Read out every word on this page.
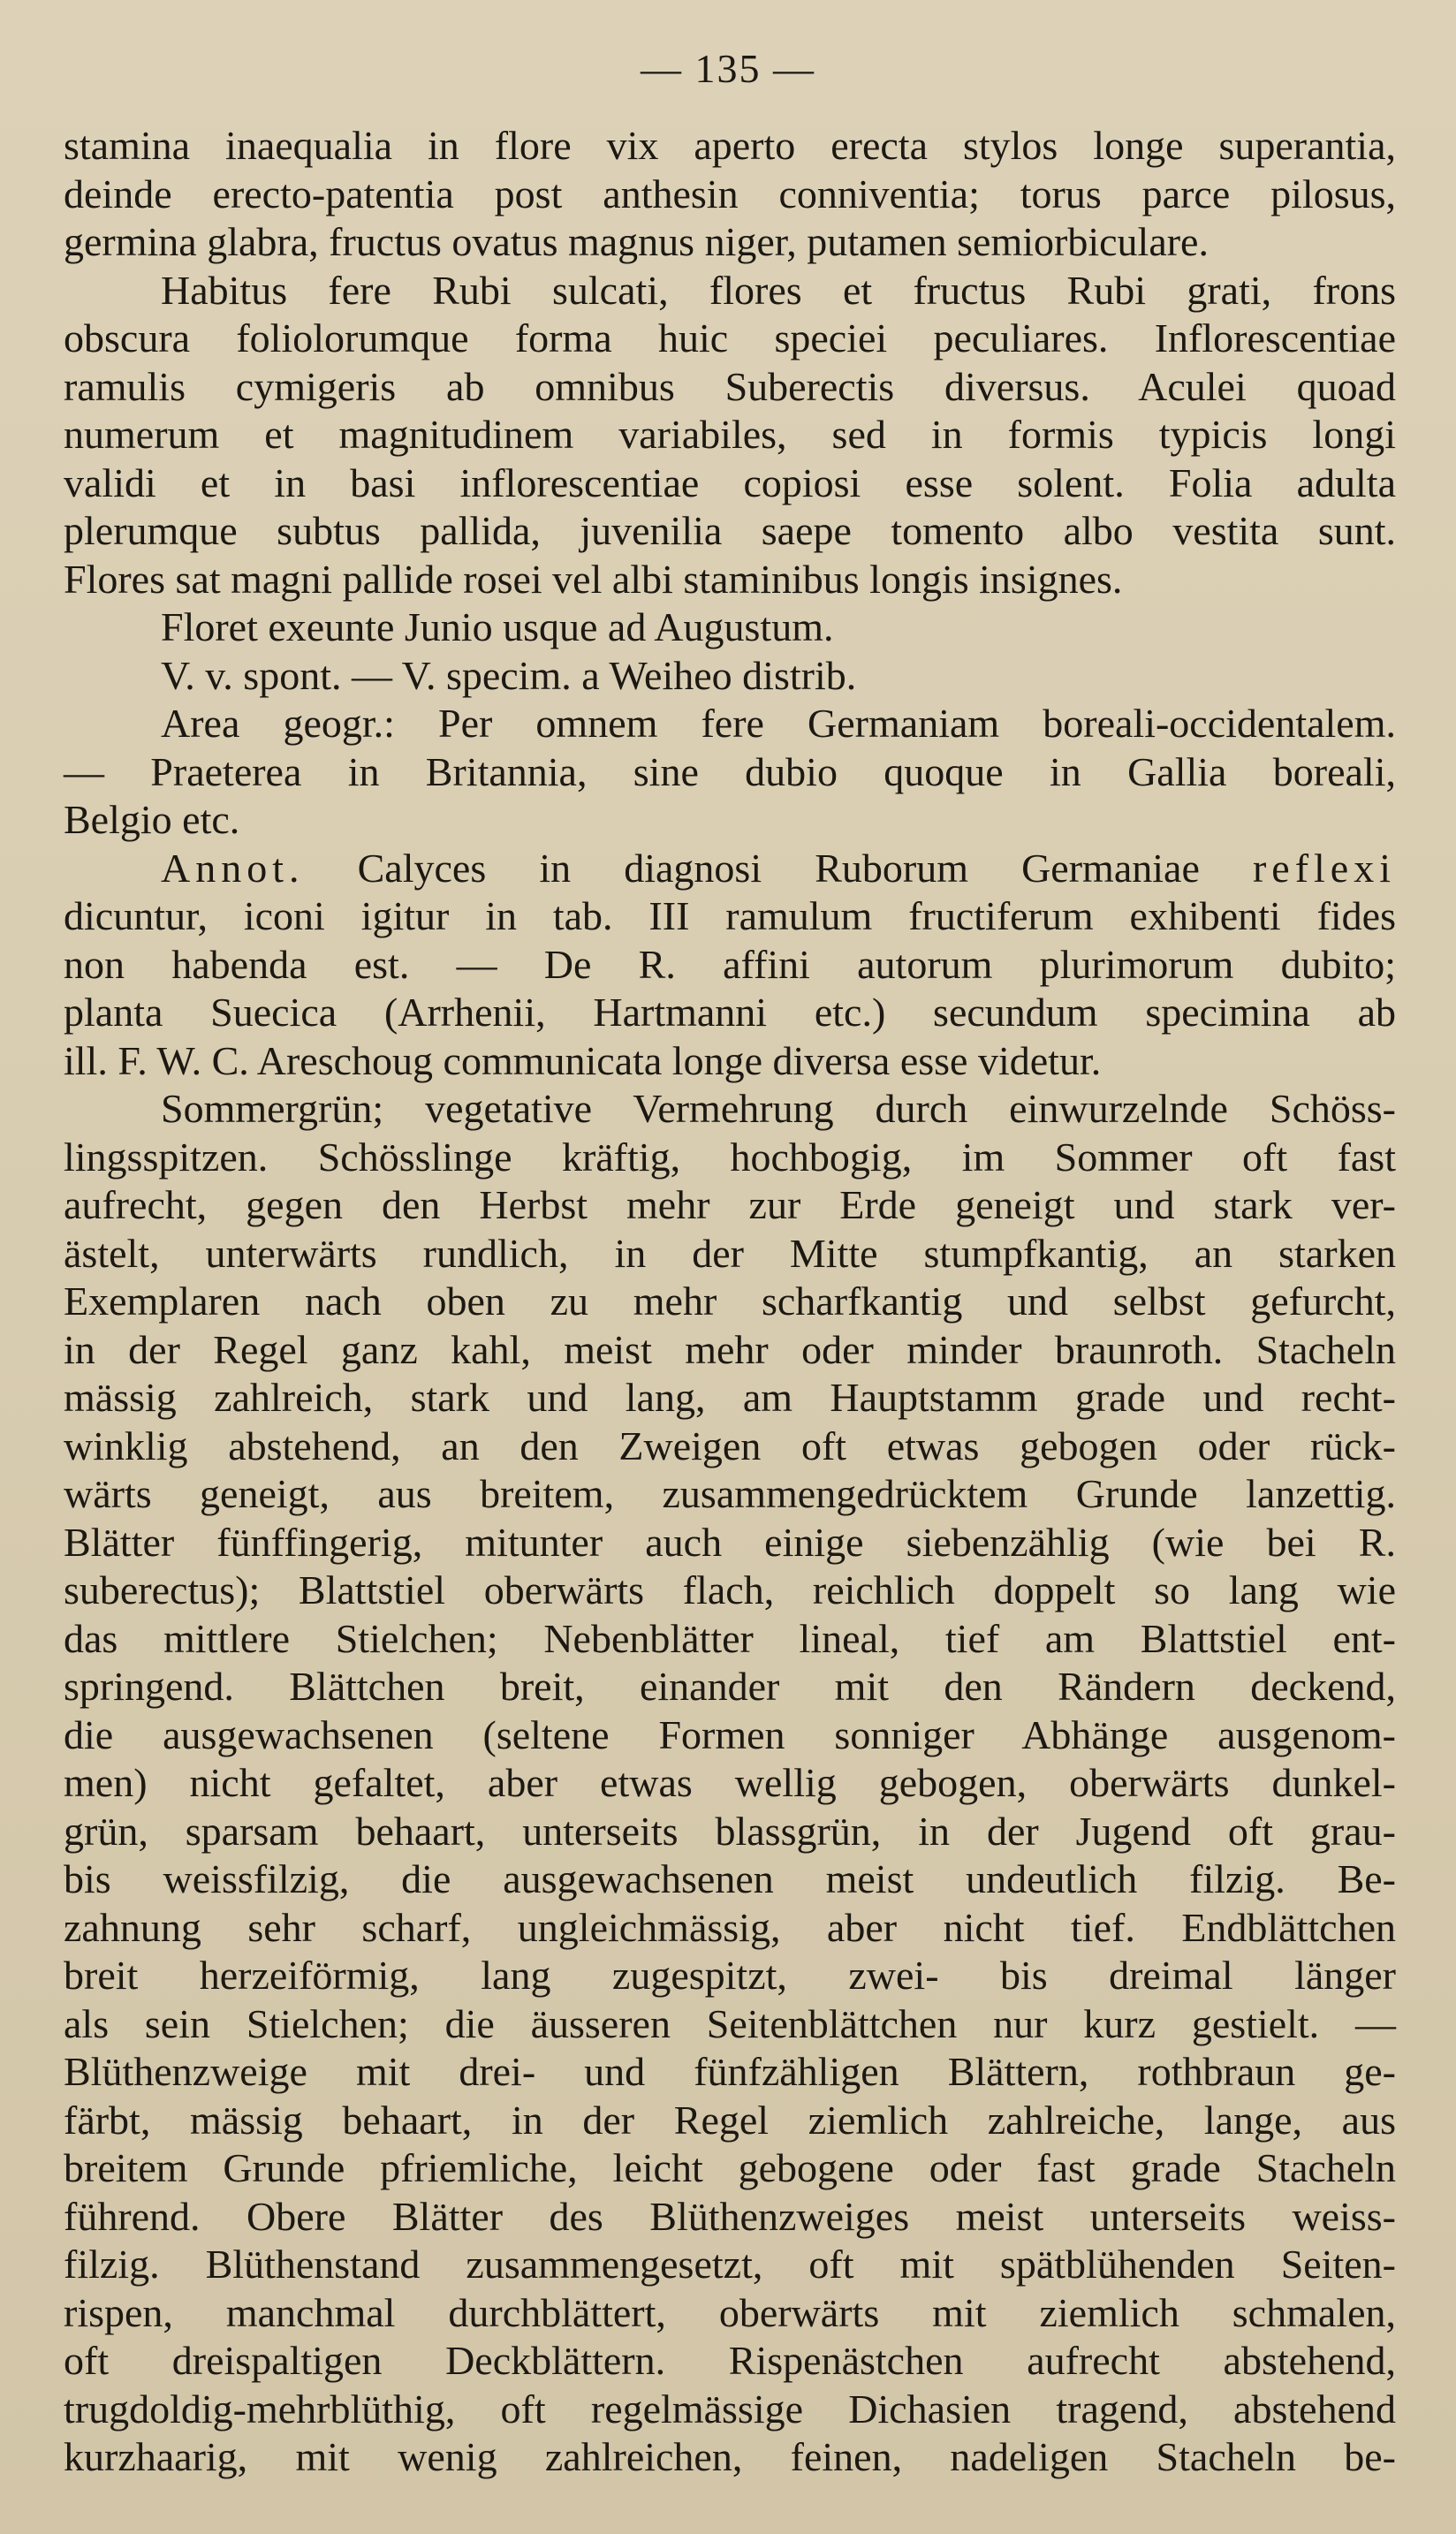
— 135 —
stamina inaequalia in flore vix aperto erecta stylos longe superantia,
deinde erecto-patentia post anthesin conniventia; torus parce pilosus,
germina glabra, fructus ovatus magnus niger, putamen semiorbiculare.
Habitus fere Rubi sulcati, flores et fructus Rubi grati, frons
obscura foliolorumque forma huic speciei peculiares. Inflorescentiae
ramulis cymigeris ab omnibus Suberectis diversus. Aculei quoad
numerum et magnitudinem variabiles, sed in formis typicis longi
validi et in basi inflorescentiae copiosi esse solent. Folia adulta
plerumque subtus pallida, juvenilia saepe tomento albo vestita sunt.
Flores sat magni pallide rosei vel albi staminibus longis insignes.
Floret exeunte Junio usque ad Augustum.
V. v. spont. — V. specim. a Weiheo distrib.
Area geogr.: Per omnem fere Germaniam boreali-occidentalem.
— Praeterea in Britannia, sine dubio quoque in Gallia boreali,
Belgio etc.
Annot. Calyces in diagnosi Ruborum Germaniae reflexi
dicuntur, iconi igitur in tab. III ramulum fructiferum exhibenti fides
non habenda est. — De R. affini autorum plurimorum dubito;
planta Suecica (Arrhenii, Hartmanni etc.) secundum specimina ab
ill. F. W. C. Areschoug communicata longe diversa esse videtur.
Sommergrün; vegetative Vermehrung durch einwurzelnde Schöss-
lingsspitzen. Schösslinge kräftig, hochbogig, im Sommer oft fast
aufrecht, gegen den Herbst mehr zur Erde geneigt und stark ver-
ästelt, unterwärts rundlich, in der Mitte stumpfkantig, an starken
Exemplaren nach oben zu mehr scharfkantig und selbst gefurcht,
in der Regel ganz kahl, meist mehr oder minder braunroth. Stacheln
mässig zahlreich, stark und lang, am Hauptstamm grade und recht-
winklig abstehend, an den Zweigen oft etwas gebogen oder rück-
wärts geneigt, aus breitem, zusammengedrücktem Grunde lanzettig.
Blätter fünffingerig, mitunter auch einige siebenzählig (wie bei R.
suberectus); Blattstiel oberwärts flach, reichlich doppelt so lang wie
das mittlere Stielchen; Nebenblätter lineal, tief am Blattstiel ent-
springend. Blättchen breit, einander mit den Rändern deckend,
die ausgewachsenen (seltene Formen sonniger Abhänge ausgenom-
men) nicht gefaltet, aber etwas wellig gebogen, oberwärts dunkel-
grün, sparsam behaart, unterseits blassgrün, in der Jugend oft grau-
bis weissfilzig, die ausgewachsenen meist undeutlich filzig. Be-
zahnung sehr scharf, ungleichmässig, aber nicht tief. Endblättchen
breit herzeiförmig, lang zugespitzt, zwei- bis dreimal länger
als sein Stielchen; die äusseren Seitenblättchen nur kurz gestielt. —
Blüthenzweige mit drei- und fünfzähligen Blättern, rothbraun ge-
färbt, mässig behaart, in der Regel ziemlich zahlreiche, lange, aus
breitem Grunde pfriemliche, leicht gebogene oder fast grade Stacheln
führend. Obere Blätter des Blüthenzweiges meist unterseits weiss-
filzig. Blüthenstand zusammengesetzt, oft mit spätblühenden Seiten-
rispen, manchmal durchblättert, oberwärts mit ziemlich schmalen,
oft dreispaltigen Deckblättern. Rispenästchen aufrecht abstehend,
trugdoldig-mehrblüthig, oft regelmässige Dichasien tragend, abstehend
kurzhaarig, mit wenig zahlreichen, feinen, nadeligen Stacheln be-
